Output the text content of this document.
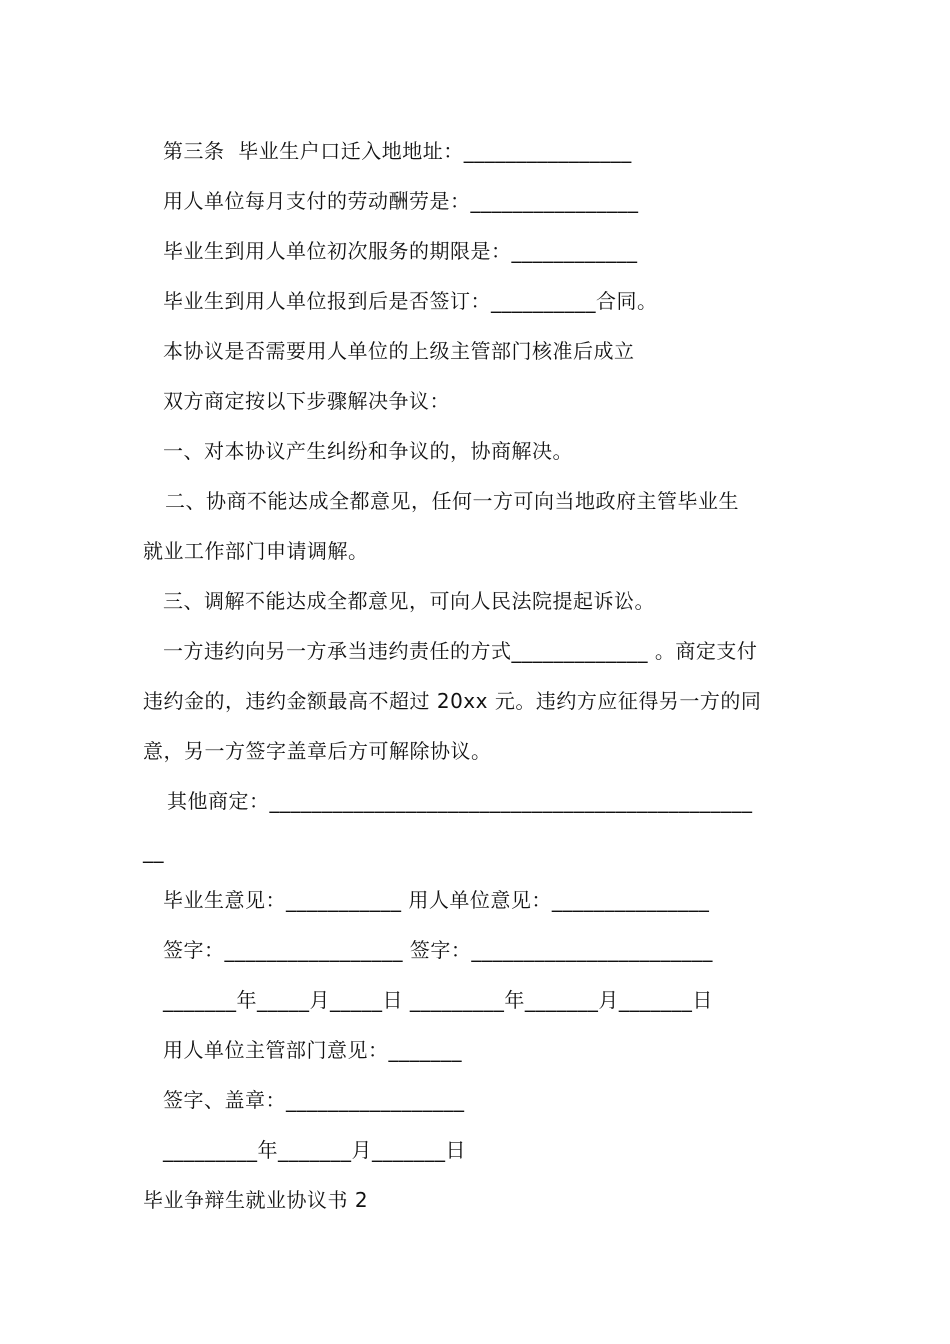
第三条  毕业生户口迁入地地址：________________
用人单位每月支付的劳动酬劳是：________________
毕业生到用人单位初次服务的期限是：____________
毕业生到用人单位报到后是否签订：__________合同。
本协议是否需要用人单位的上级主管部门核准后成立
双方商定按以下步骤解决争议：
一、对本协议产生纠纷和争议的，协商解决。
二、协商不能达成全都意见，任何一方可向当地政府主管毕业生
就业工作部门申请调解。
三、调解不能达成全都意见，可向人民法院提起诉讼。
一方违约向另一方承当违约责任的方式_____________ 。商定支付
违约金的，违约金额最高不超过 20xx 元。违约方应征得另一方的同
意，另一方签字盖章后方可解除协议。
其他商定：______________________________________________
__
毕业生意见：___________ 用人单位意见：_______________
签字：_________________ 签字：_______________________
_______年_____月_____日 _________年_______月_______日
用人单位主管部门意见：_______
签字、盖章：_________________
_________年_______月_______日
毕业争辩生就业协议书 2
